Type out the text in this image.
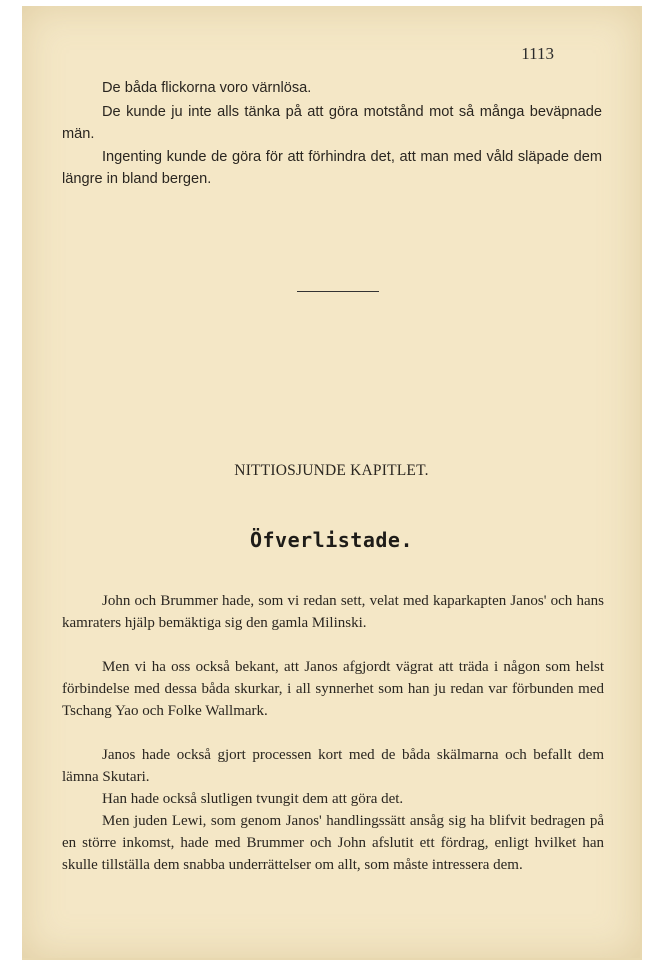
1113

De båda flickorna voro värnlösa.

De kunde ju inte alls tänka på att göra motstånd mot så många beväpnade män.

Ingenting kunde de göra för att förhindra det, att man med våld släpade dem längre in bland bergen.

NITTIOSJUNDE KAPITLET.
Öfverlistade.

John och Brummer hade, som vi redan sett, velat med kaparkapten Janos' och hans kamraters hjälp bemäktiga sig den gamla Milinski.

Men vi ha oss också bekant, att Janos afgjordt vägrat att träda i någon som helst förbindelse med dessa båda skurkar, i all synnerhet som han ju redan var förbunden med Tschang Yao och Folke Wallmark.

Janos hade också gjort processen kort med de båda skälmarna och befallt dem lämna Skutari.

Han hade också slutligen tvungit dem att göra det.

Men juden Lewi, som genom Janos' handlingssätt ansåg sig ha blifvit bedragen på en större inkomst, hade med Brummer och John afslutit ett fördrag, enligt hvilket han skulle tillställa dem snabba underrättelser om allt, som måste intressera dem.
